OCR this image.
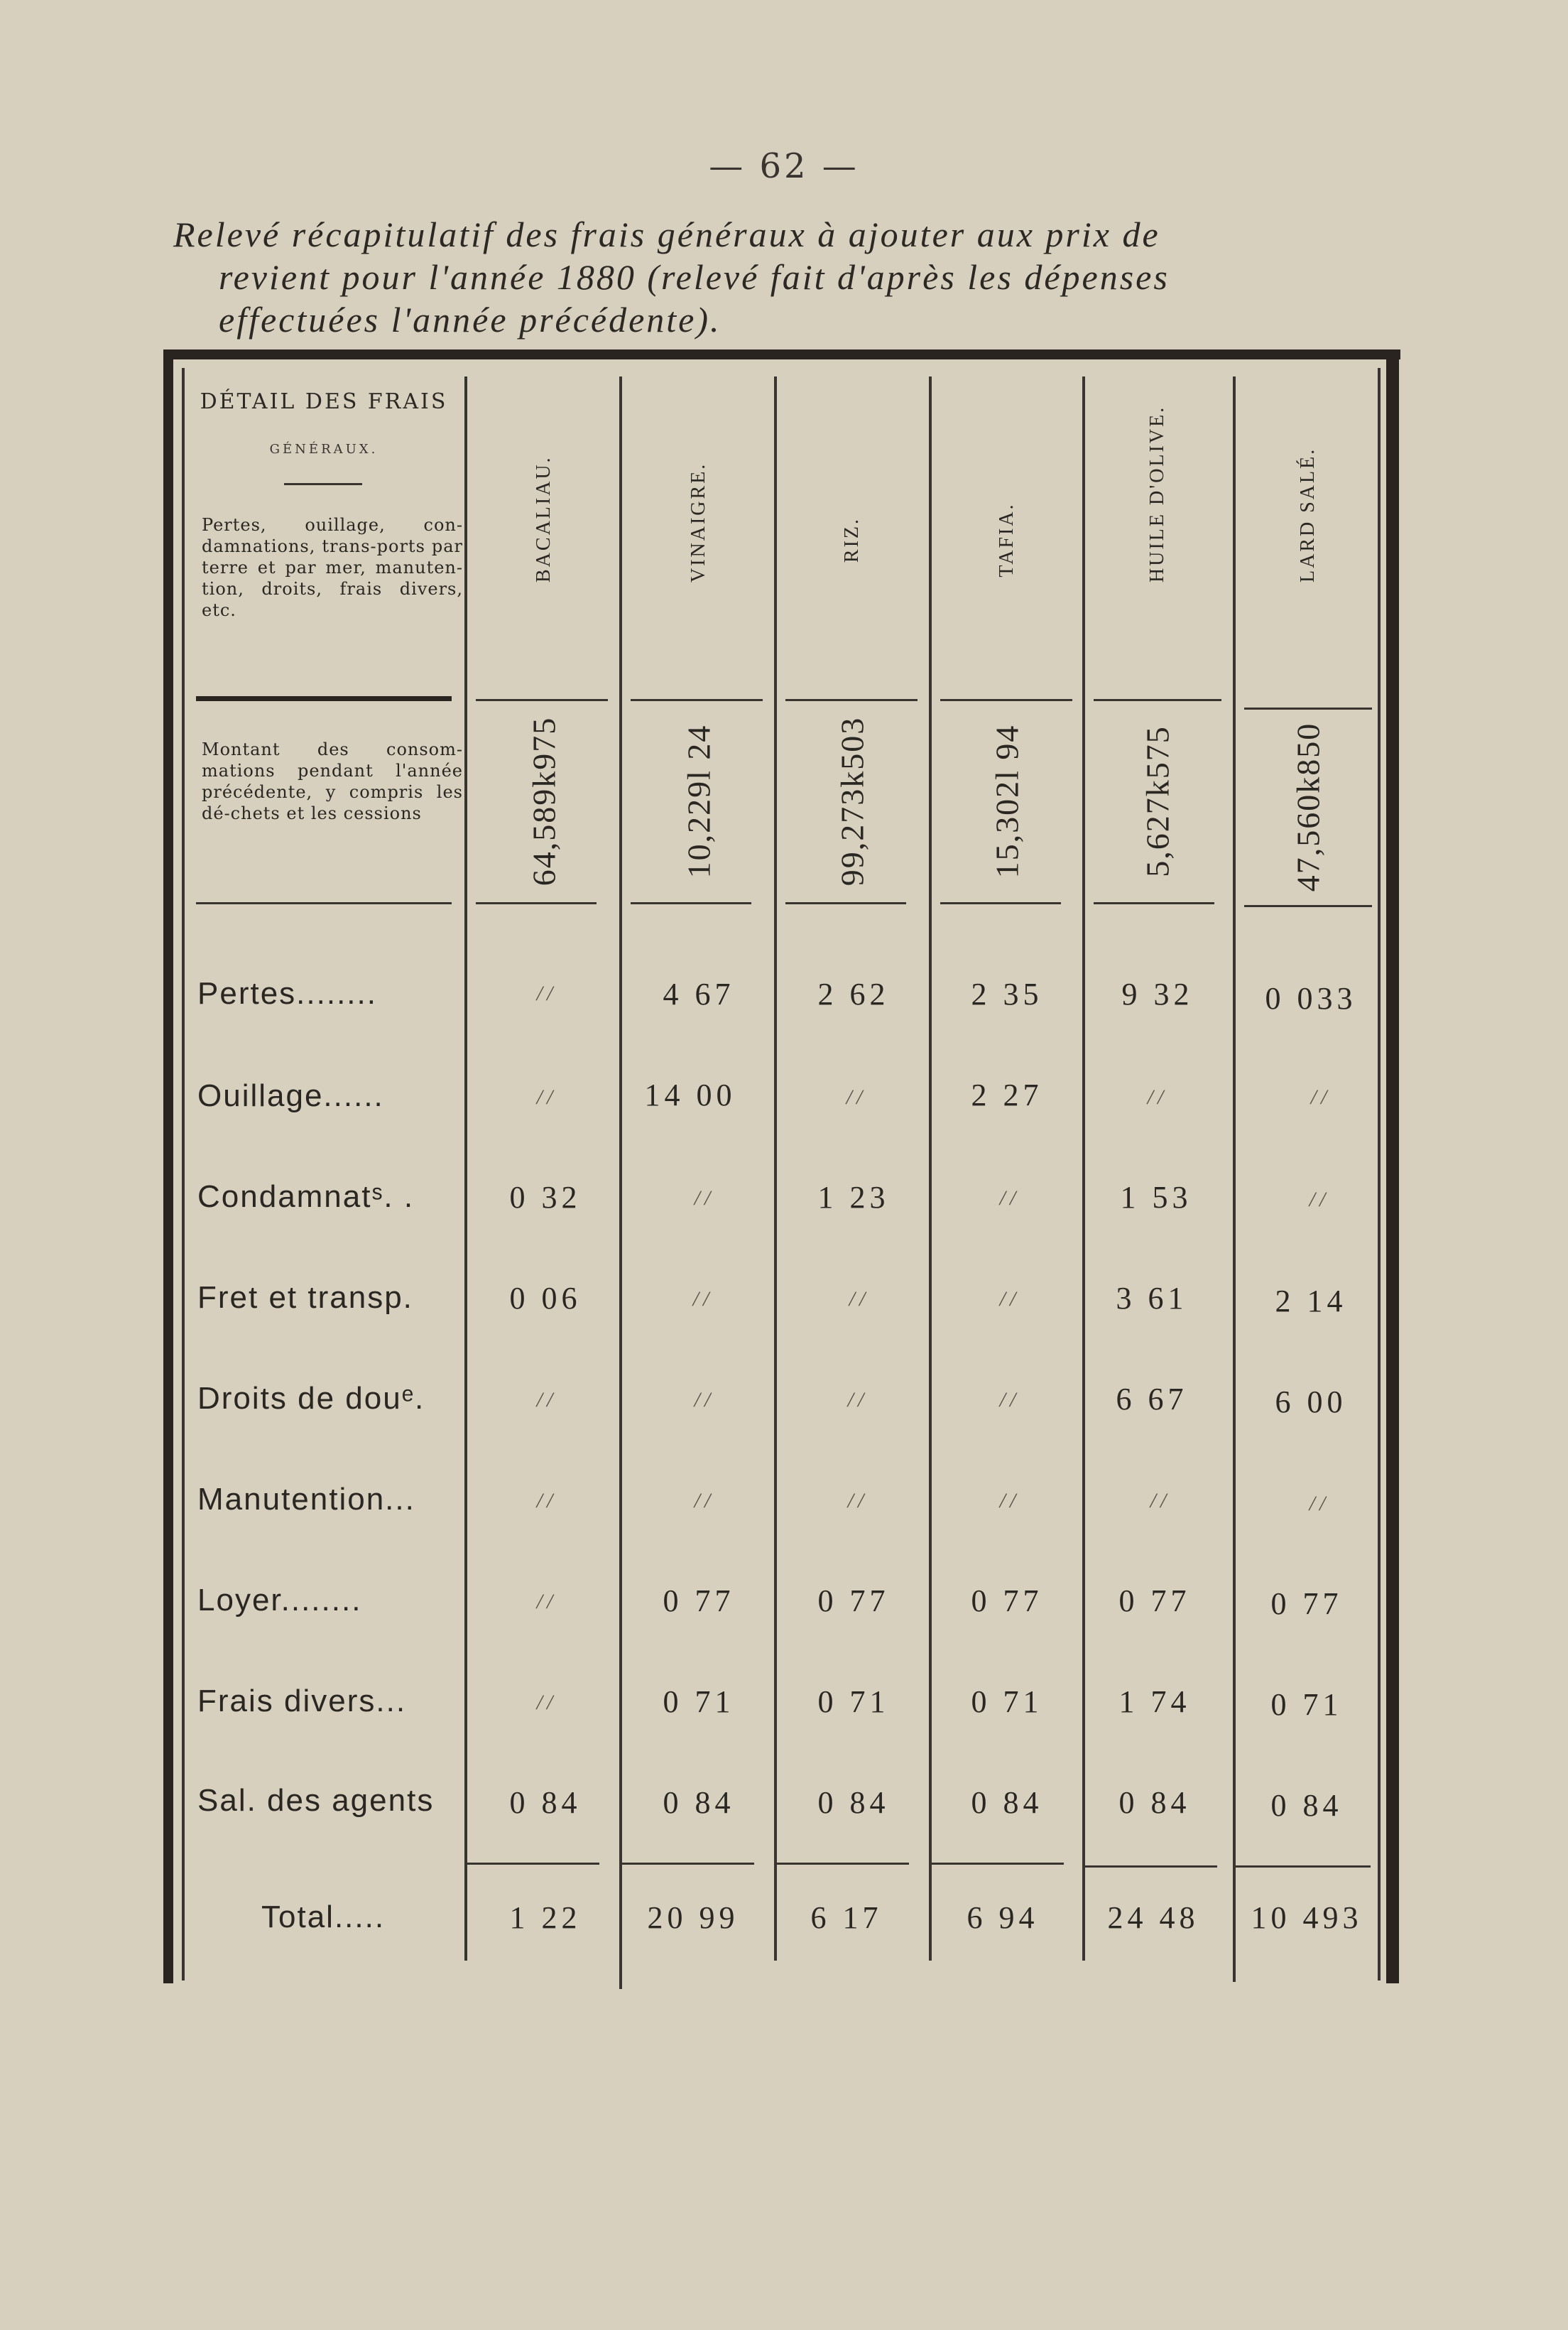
— 62 —

Relevé récapitulatif des frais généraux à ajouter aux prix de

revient pour l'année 1880 (relevé fait d'après les dépenses

effectuées l'année précédente).

DÉTAIL DES FRAIS
GÉNÉRAUX.
Pertes, ouillage, con-damnations, trans-ports par terre et par mer, manuten-tion, droits, frais divers, etc.
Montant des consom-mations pendant l'année précédente, y compris les dé-chets et les cessions
BACALIAU.	VINAIGRE.	RIZ.	TAFIA.	HUILE D'OLIVE.	LARD SALÉ.
64,589k975	10,229l 24	99,273k503	15,302l 94	5,627k575	47,560k850
Pertes........	//	4 67	2 62	2 35	9 32	0 033
Ouillage......	//	14 00	//	2 27	//	//
Condamnatˢ. .	0 32	//	1 23	//	1 53	//
Fret et transp.	0 06	//	//	//	3 61	2 14
Droits de douᵉ.	//	//	//	//	6 67	6 00
Manutention...	//	//	//	//	//	//
Loyer........	//	0 77	0 77	0 77	0 77	0 77
Frais divers...	//	0 71	0 71	0 71	1 74	0 71
Sal. des agents	0 84	0 84	0 84	0 84	0 84	0 84
Total.....	1 22	20 99	6 17	6 94	24 48	10 493
